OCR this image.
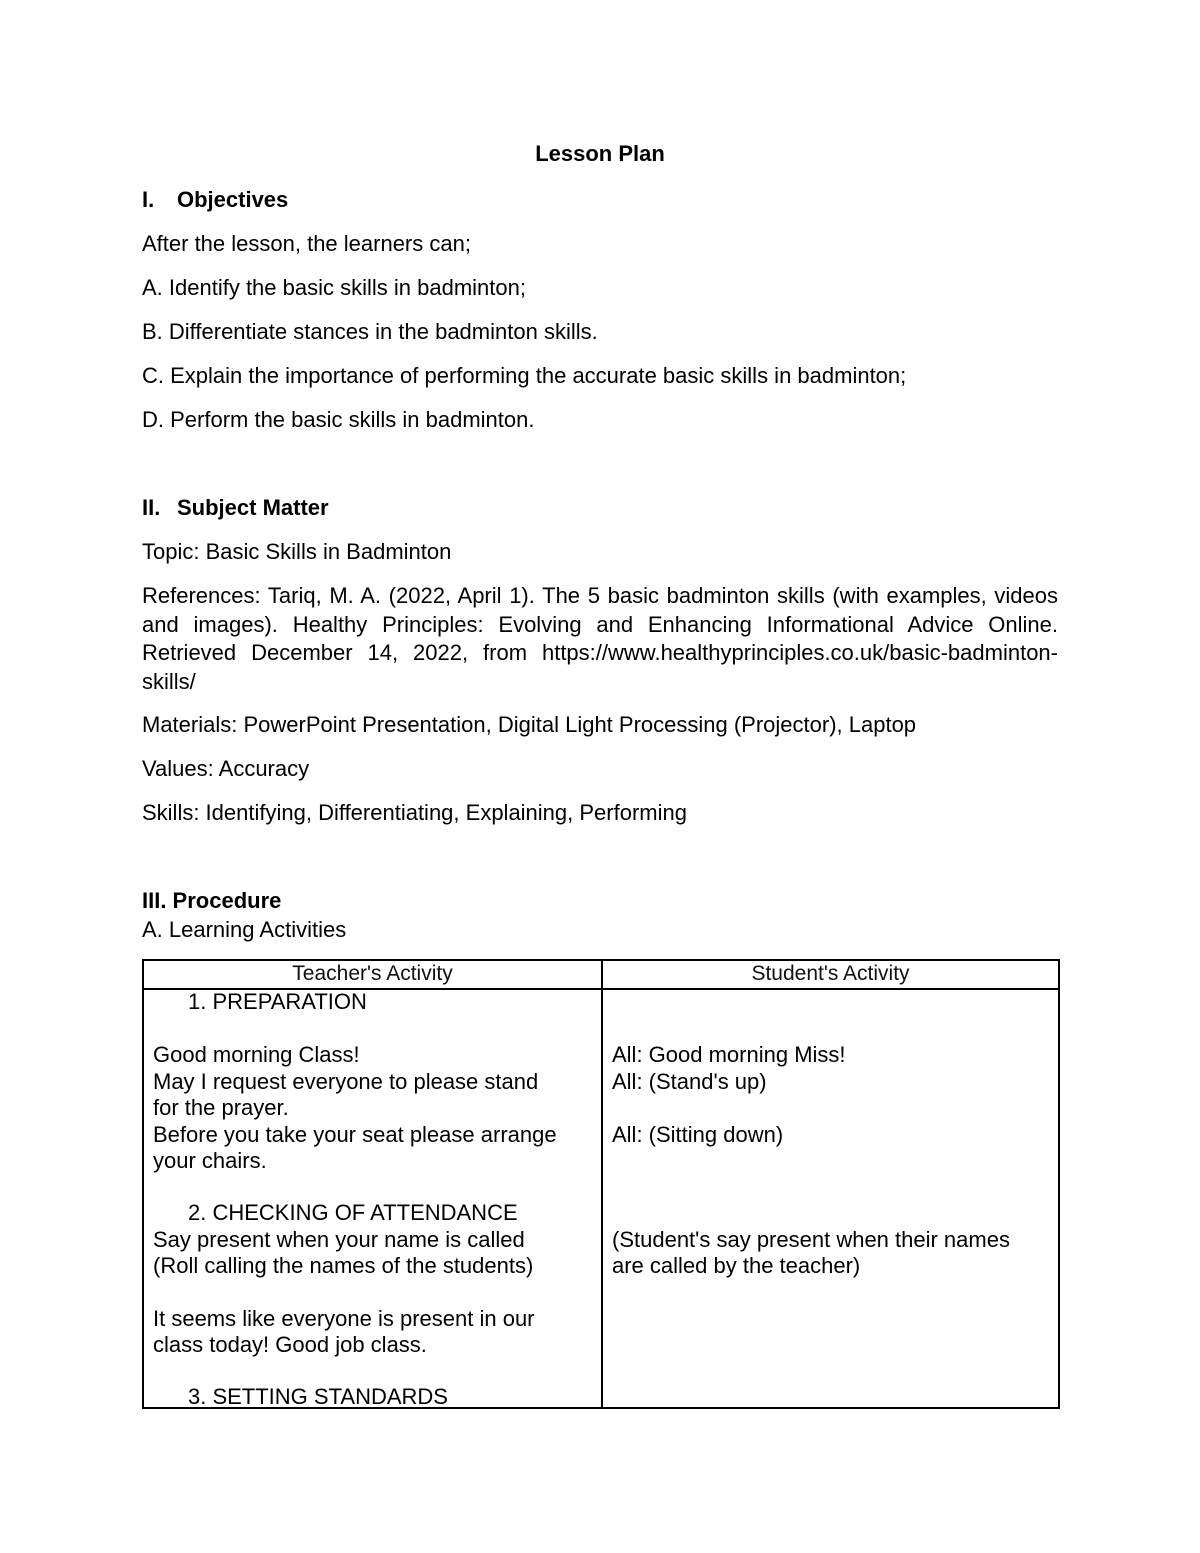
Lesson Plan
I. Objectives
After the lesson, the learners can;
A. Identify the basic skills in badminton;
B. Differentiate stances in the badminton skills.
C. Explain the importance of performing the accurate basic skills in badminton;
D. Perform the basic skills in badminton.
II. Subject Matter
Topic: Basic Skills in Badminton
References: Tariq, M. A. (2022, April 1). The 5 basic badminton skills (with examples, videos and images). Healthy Principles: Evolving and Enhancing Informational Advice Online. Retrieved December 14, 2022, from https://www.healthyprinciples.co.uk/basic-badminton-skills/
Materials: PowerPoint Presentation, Digital Light Processing (Projector), Laptop
Values: Accuracy
Skills: Identifying, Differentiating, Explaining, Performing
III. Procedure
A. Learning Activities
Teacher's Activity	Student's Activity
1. PREPARATION
Good morning Class!
May I request everyone to please stand
for the prayer.
Before you take your seat please arrange
your chairs.
2. CHECKING OF ATTENDANCE
Say present when your name is called
(Roll calling the names of the students)
It seems like everyone is present in our
class today! Good job class.
3. SETTING STANDARDS
All: Good morning Miss!
All: (Stand's up)
All: (Sitting down)
(Student's say present when their names
are called by the teacher)
